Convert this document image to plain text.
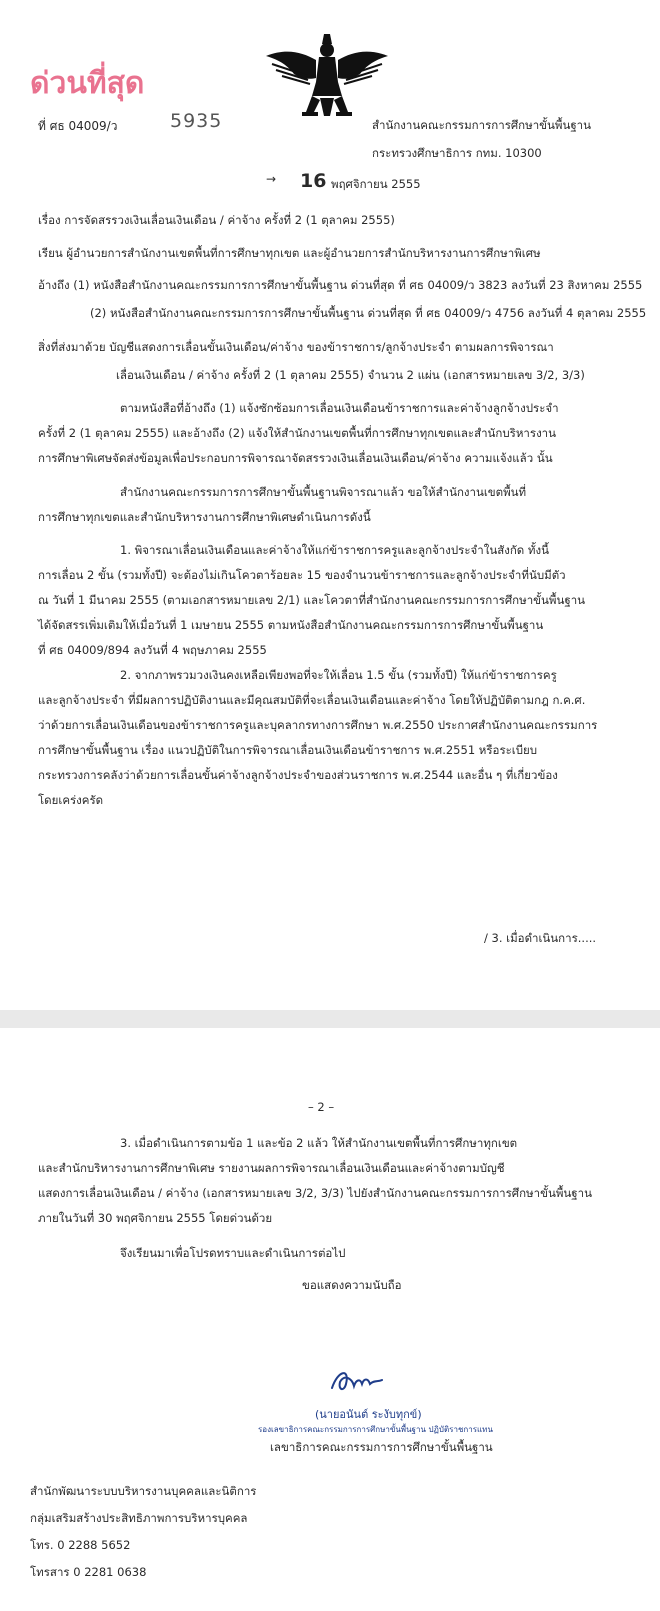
ด่วนที่สุด
ที่ ศธ 04009/ว	5935	สำนักงานคณะกรรมการการศึกษาขั้นพื้นฐาน
กระทรวงศึกษาธิการ กทม. 10300
→ 16 พฤศจิกายน 2555
เรื่อง การจัดสรรวงเงินเลื่อนเงินเดือน / ค่าจ้าง ครั้งที่ 2 (1 ตุลาคม 2555)
เรียน ผู้อำนวยการสำนักงานเขตพื้นที่การศึกษาทุกเขต และผู้อำนวยการสำนักบริหารงานการศึกษาพิเศษ
อ้างถึง (1) หนังสือสำนักงานคณะกรรมการการศึกษาขั้นพื้นฐาน ด่วนที่สุด ที่ ศธ 04009/ว 3823 ลงวันที่ 23 สิงหาคม 2555
(2) หนังสือสำนักงานคณะกรรมการการศึกษาขั้นพื้นฐาน ด่วนที่สุด ที่ ศธ 04009/ว 4756 ลงวันที่ 4 ตุลาคม 2555
สิ่งที่ส่งมาด้วย บัญชีแสดงการเลื่อนขั้นเงินเดือน/ค่าจ้าง ของข้าราชการ/ลูกจ้างประจำ ตามผลการพิจารณา
เลื่อนเงินเดือน / ค่าจ้าง ครั้งที่ 2 (1 ตุลาคม 2555) จำนวน 2 แผ่น (เอกสารหมายเลข 3/2, 3/3)
ตามหนังสือที่อ้างถึง (1) แจ้งซักซ้อมการเลื่อนเงินเดือนข้าราชการและค่าจ้างลูกจ้างประจำ
ครั้งที่ 2 (1 ตุลาคม 2555) และอ้างถึง (2) แจ้งให้สำนักงานเขตพื้นที่การศึกษาทุกเขตและสำนักบริหารงาน
การศึกษาพิเศษจัดส่งข้อมูลเพื่อประกอบการพิจารณาจัดสรรวงเงินเลื่อนเงินเดือน/ค่าจ้าง ความแจ้งแล้ว นั้น
สำนักงานคณะกรรมการการศึกษาขั้นพื้นฐานพิจารณาแล้ว ขอให้สำนักงานเขตพื้นที่
การศึกษาทุกเขตและสำนักบริหารงานการศึกษาพิเศษดำเนินการดังนี้
1. พิจารณาเลื่อนเงินเดือนและค่าจ้างให้แก่ข้าราชการครูและลูกจ้างประจำในสังกัด ทั้งนี้
การเลื่อน 2 ขั้น (รวมทั้งปี) จะต้องไม่เกินโควตาร้อยละ 15 ของจำนวนข้าราชการและลูกจ้างประจำที่นับมีตัว
ณ วันที่ 1 มีนาคม 2555 (ตามเอกสารหมายเลข 2/1) และโควตาที่สำนักงานคณะกรรมการการศึกษาขั้นพื้นฐาน
ได้จัดสรรเพิ่มเติมให้เมื่อวันที่ 1 เมษายน 2555 ตามหนังสือสำนักงานคณะกรรมการการศึกษาขั้นพื้นฐาน
ที่ ศธ 04009/894 ลงวันที่ 4 พฤษภาคม 2555
2. จากภาพรวมวงเงินคงเหลือเพียงพอที่จะให้เลื่อน 1.5 ขั้น (รวมทั้งปี) ให้แก่ข้าราชการครู
และลูกจ้างประจำ ที่มีผลการปฏิบัติงานและมีคุณสมบัติที่จะเลื่อนเงินเดือนและค่าจ้าง โดยให้ปฏิบัติตามกฎ ก.ค.ศ.
ว่าด้วยการเลื่อนเงินเดือนของข้าราชการครูและบุคลากรทางการศึกษา พ.ศ.2550 ประกาศสำนักงานคณะกรรมการ
การศึกษาขั้นพื้นฐาน เรื่อง แนวปฏิบัติในการพิจารณาเลื่อนเงินเดือนข้าราชการ พ.ศ.2551 หรือระเบียบ
กระทรวงการคลังว่าด้วยการเลื่อนขั้นค่าจ้างลูกจ้างประจำของส่วนราชการ พ.ศ.2544 และอื่น ๆ ที่เกี่ยวข้อง
โดยเคร่งครัด
/ 3. เมื่อดำเนินการ.....
– 2 –
3. เมื่อดำเนินการตามข้อ 1 และข้อ 2 แล้ว ให้สำนักงานเขตพื้นที่การศึกษาทุกเขต
และสำนักบริหารงานการศึกษาพิเศษ รายงานผลการพิจารณาเลื่อนเงินเดือนและค่าจ้างตามบัญชี
แสดงการเลื่อนเงินเดือน / ค่าจ้าง (เอกสารหมายเลข 3/2, 3/3) ไปยังสำนักงานคณะกรรมการการศึกษาขั้นพื้นฐาน
ภายในวันที่ 30 พฤศจิกายน 2555 โดยด่วนด้วย
จึงเรียนมาเพื่อโปรดทราบและดำเนินการต่อไป
ขอแสดงความนับถือ
(นายอนันต์ ระงับทุกข์)
รองเลขาธิการคณะกรรมการการศึกษาขั้นพื้นฐาน ปฏิบัติราชการแทน
เลขาธิการคณะกรรมการการศึกษาขั้นพื้นฐาน
สำนักพัฒนาระบบบริหารงานบุคคลและนิติการ
กลุ่มเสริมสร้างประสิทธิภาพการบริหารบุคคล
โทร. 0 2288 5652
โทรสาร 0 2281 0638
